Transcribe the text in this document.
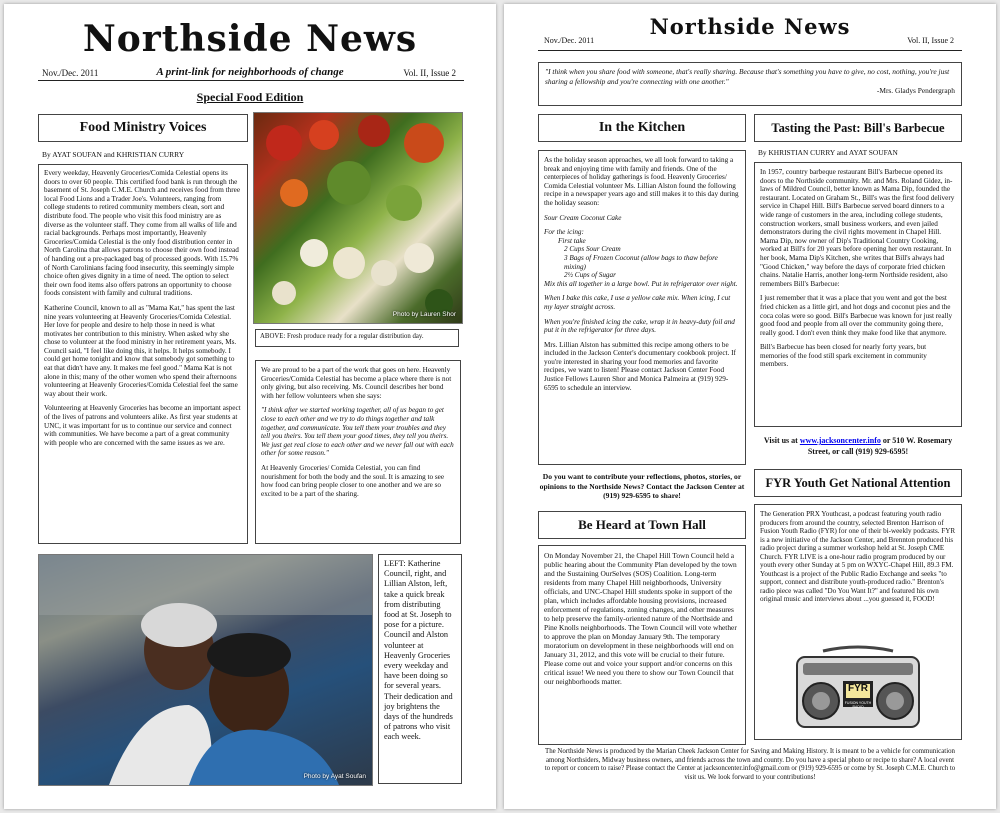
Northside News
Nov./Dec. 2011	A print-link for neighborhoods of change	Vol. II, Issue 2
Special Food Edition
Food Ministry Voices
By AYAT SOUFAN and KHRISTIAN CURRY

Every weekday, Heavenly Groceries/Comida Celestial opens its doors to over 60 people. This certified food bank is run through the basement of St. Joseph C.M.E. Church and receives food from three local Food Lions and a Trader Joe's. Volunteers, ranging from college students to retired community members clean, sort and distribute food. The people who visit this food ministry are as diverse as the volunteer staff. They come from all walks of life and racial backgrounds. Perhaps most importantly, Heavenly Groceries/Comida Celestial is the only food distribution center in North Carolina that allows patrons to choose their own food instead of handing out a pre-packaged bag of processed goods. With 15.7% of North Carolinians facing food insecurity, this seemingly simple choice often gives dignity in a time of need. The option to select their own food items also offers patrons an opportunity to choose foods consistent with family and cultural traditions.

Katherine Council, known to all as "Mama Kat," has spent the last nine years volunteering at Heavenly Groceries/Comida Celestial. Her love for people and desire to help those in need is what motivates her contribution to this ministry. When asked why she chose to volunteer at the food ministry in her retirement years, Ms. Council said, "I feel like doing this, it helps. It helps somebody. I could get home tonight and know that somebody got something to eat that didn't have any. It makes me feel good." Mama Kat is not alone in this; many of the other women who spend their afternoons volunteering at Heavenly Groceries/Comida Celestial feel the same way about their work.

Volunteering at Heavenly Groceries has become an important aspect of the lives of patrons and volunteers alike. As first year students at UNC, it was important for us to continue our service and connect with communities. We have become a part of a great community with people who are concerned with the same issues as we are.

Photo by Lauren Shor
ABOVE: Fresh produce ready for a regular distribution day.

We are proud to be a part of the work that goes on here. Heavenly Groceries/Comida Celestial has become a place where there is not only giving, but also receiving. Ms. Council describes her bond with her fellow volunteers when she says:

"I think after we started working together, all of us began to get close to each other and we try to do things together and talk together, and communicate. You tell them your troubles and they tell you theirs. You tell them your good times, they tell you theirs. We just get real close to each other and we never fall out with each other for some reason."

At Heavenly Groceries/ Comida Celestial, you can find nourishment for both the body and the soul. It is amazing to see how food can bring people closer to one another and we are so excited to be a part of the sharing.

Photo by Ayat Soufan
LEFT: Katherine Council, right, and Lillian Alston, left, take a quick break from distributing food at St. Joseph to pose for a picture. Council and Alston volunteer at Heavenly Groceries every weekday and have been doing so for several years. Their dedication and joy brightens the days of the hundreds of patrons who visit each week.
Northside News
Nov./Dec. 2011	Vol. II, Issue 2
"I think when you share food with someone, that's really sharing. Because that's something you have to give, no cost, nothing, you're just sharing a fellowship and you're connecting with one another."
-Mrs. Gladys Pendergraph
In the Kitchen

As the holiday season approaches, we all look forward to taking a break and enjoying time with family and friends. One of the centerpieces of holiday gatherings is food. Heavenly Groceries/ Comida Celestial volunteer Ms. Lillian Alston found the following recipe in a newspaper years ago and still makes it to this day during the holiday season:

Sour Cream Coconut Cake

For the icing:
First take
2 Cups Sour Cream
3 Bags of Frozen Coconut (allow bags to thaw before mixing)
2½ Cups of Sugar

Mix this all together in a large bowl. Put in refrigerator over night.

When I bake this cake, I use a yellow cake mix. When icing, I cut my layer straight across.

When you're finished icing the cake, wrap it in heavy-duty foil and put it in the refrigerator for three days.

Mrs. Lillian Alston has submitted this recipe among others to be included in the Jackson Center's documentary cookbook project. If you're interested in sharing your food memories and favorite recipes, we want to listen! Please contact Jackson Center Food Justice Fellows Lauren Shor and Monica Palmeira at (919) 929-6595 to schedule an interview.

Do you want to contribute your reflections, photos, stories, or opinions to the Northside News? Contact the Jackson Center at (919) 929-6595 to share!
Be Heard at Town Hall
On Monday November 21, the Chapel Hill Town Council held a public hearing about the Community Plan developed by the town and the Sustaining OurSelves (SOS) Coalition. Long-term residents from many Chapel Hill neighborhoods, University officials, and UNC-Chapel Hill students spoke in support of the plan, which includes affordable housing provisions, increased enforcement of regulations, zoning changes, and other measures to help preserve the family-oriented nature of the Northside and Pine Knolls neighborhoods. The Town Council will vote whether to approve the plan on Monday January 9th. The temporary moratorium on development in these neighborhoods will end on January 31, 2012, and this vote will be crucial to their future. Please come out and voice your support and/or concerns on this critical issue! We need you there to show our Town Council that our neighborhoods matter.
Tasting the Past: Bill's Barbecue
By KHRISTIAN CURRY and AYAT SOUFAN

In 1957, country barbeque restaurant Bill's Barbecue opened its doors to the Northside community. Mr. and Mrs. Roland Gidez, in-laws of Mildred Council, better known as Mama Dip, founded the restaurant. Located on Graham St., Bill's was the first food delivery service in Chapel Hill. Bill's Barbecue served board dinners to a wide range of customers in the area, including college students, construction workers, small business workers, and even jailed demonstrators during the civil rights movement in Chapel Hill. Mama Dip, now owner of Dip's Traditional Country Cooking, worked at Bill's for 20 years before opening her own restaurant. In her book, Mama Dip's Kitchen, she writes that Bill's always had "Good Chicken," way before the days of corporate fried chicken chains. Natalie Harris, another long-term Northside resident, also remembers Bill's Barbecue:

I just remember that it was a place that you went and got the best fried chicken as a little girl, and hot dogs and coconut pies and the coca colas were so good. Bill's Barbecue was known for just really good food and people from all over the community going there, really good. I don't even think they make food like that anymore.

Bill's Barbecue has been closed for nearly forty years, but memories of the food still spark excitement in community members.

Visit us at www.jacksoncenter.info or 510 W. Rosemary Street, or call (919) 929-6595!
FYR Youth Get National Attention
The Generation PRX Youthcast, a podcast featuring youth radio producers from around the country, selected Brenton Harrison of Fusion Youth Radio (FYR) for one of their bi-weekly podcasts. FYR is a new initiative of the Jackson Center, and Brennton produced his radio project during a summer workshop held at St. Joseph CME Church. FYR LIVE is a one-hour radio program produced by our youth every other Sunday at 5 pm on WXYC-Chapel Hill, 89.3 FM. Youthcast is a project of the Public Radio Exchange and seeks "to support, connect and distribute youth-produced radio." Brenton's radio piece was called "Do You Want It?" and featured his own original music and interviews about ...you guessed it, FOOD!
FYR
FUSION YOUTH RADIO
The Northside News is produced by the Marian Cheek Jackson Center for Saving and Making History. It is meant to be a vehicle for communication among Northsiders, Midway business owners, and friends across the town and county. Do you have a special photo or recipe to share? A local event to report or concern to raise? Please contact the Center at jacksoncenter.info@gmail.com or (919) 929-6595 or come by St. Joseph C.M.E. Church to visit us. We look forward to your contributions!
